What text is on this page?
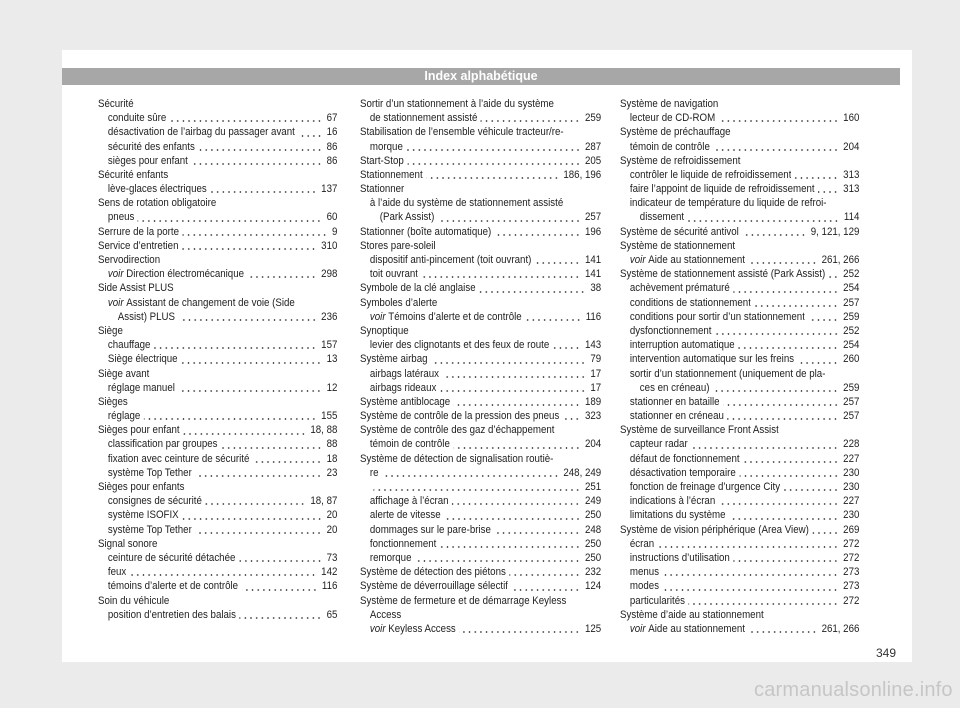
Index alphabétique
Sécurité
conduite sûre	67
désactivation de l’airbag du passager avant	16
sécurité des enfants	86
sièges pour enfant	86
Sécurité enfants
lève-glaces électriques	137
Sens de rotation obligatoire
pneus	60
Serrure de la porte	9
Service d’entretien	310
Servodirection
voir Direction électromécanique	298
Side Assist PLUS
voir Assistant de changement de voie (Side
Assist) PLUS	236
Siège
chauffage	157
Siège électrique	13
Siège avant
réglage manuel	12
Sièges
réglage	155
Sièges pour enfant	18, 88
classification par groupes	88
fixation avec ceinture de sécurité	18
système Top Tether	23
Sièges pour enfants
consignes de sécurité	18, 87
système ISOFIX	20
système Top Tether	20
Signal sonore
ceinture de sécurité détachée	73
feux	142
témoins d’alerte et de contrôle	116
Soin du véhicule
position d’entretien des balais	65
Sortir d’un stationnement à l’aide du système
de stationnement assisté	259
Stabilisation de l’ensemble véhicule tracteur/re-
morque	287
Start-Stop	205
Stationnement	186, 196
Stationner
à l’aide du système de stationnement assisté
(Park Assist)	257
Stationner (boîte automatique)	196
Stores pare-soleil
dispositif anti-pincement (toit ouvrant)	141
toit ouvrant	141
Symbole de la clé anglaise	38
Symboles d’alerte
voir Témoins d’alerte et de contrôle	116
Synoptique
levier des clignotants et des feux de route	143
Système airbag	79
airbags latéraux	17
airbags rideaux	17
Système antiblocage	189
Système de contrôle de la pression des pneus 323
Système de contrôle des gaz d’échappement
témoin de contrôle	204
Système de détection de signalisation routiè-
re	248, 249
251
affichage à l’écran	249
alerte de vitesse	250
dommages sur le pare-brise	248
fonctionnement	250
remorque	250
Système de détection des piétons	232
Système de déverrouillage sélectif	124
Système de fermeture et de démarrage Keyless
Access
voir Keyless Access	125
Système de navigation
lecteur de CD-ROM	160
Système de préchauffage
témoin de contrôle	204
Système de refroidissement
contrôler le liquide de refroidissement	313
faire l’appoint de liquide de refroidissement	313
indicateur de température du liquide de refroi-
dissement	114
Système de sécurité antivol	9, 121, 129
Système de stationnement
voir Aide au stationnement	261, 266
Système de stationnement assisté (Park Assist) 252
achèvement prématuré	254
conditions de stationnement	257
conditions pour sortir d’un stationnement	259
dysfonctionnement	252
interruption automatique	254
intervention automatique sur les freins	260
sortir d’un stationnement (uniquement de pla-
ces en créneau)	259
stationner en bataille	257
stationner en créneau	257
Système de surveillance Front Assist
capteur radar	228
défaut de fonctionnement	227
désactivation temporaire	230
fonction de freinage d’urgence City	230
indications à l’écran	227
limitations du système	230
Système de vision périphérique (Area View)	269
écran	272
instructions d’utilisation	272
menus	273
modes	273
particularités	272
Système d’aide au stationnement
voir Aide au stationnement	261, 266
349
carmanualsonline.info
